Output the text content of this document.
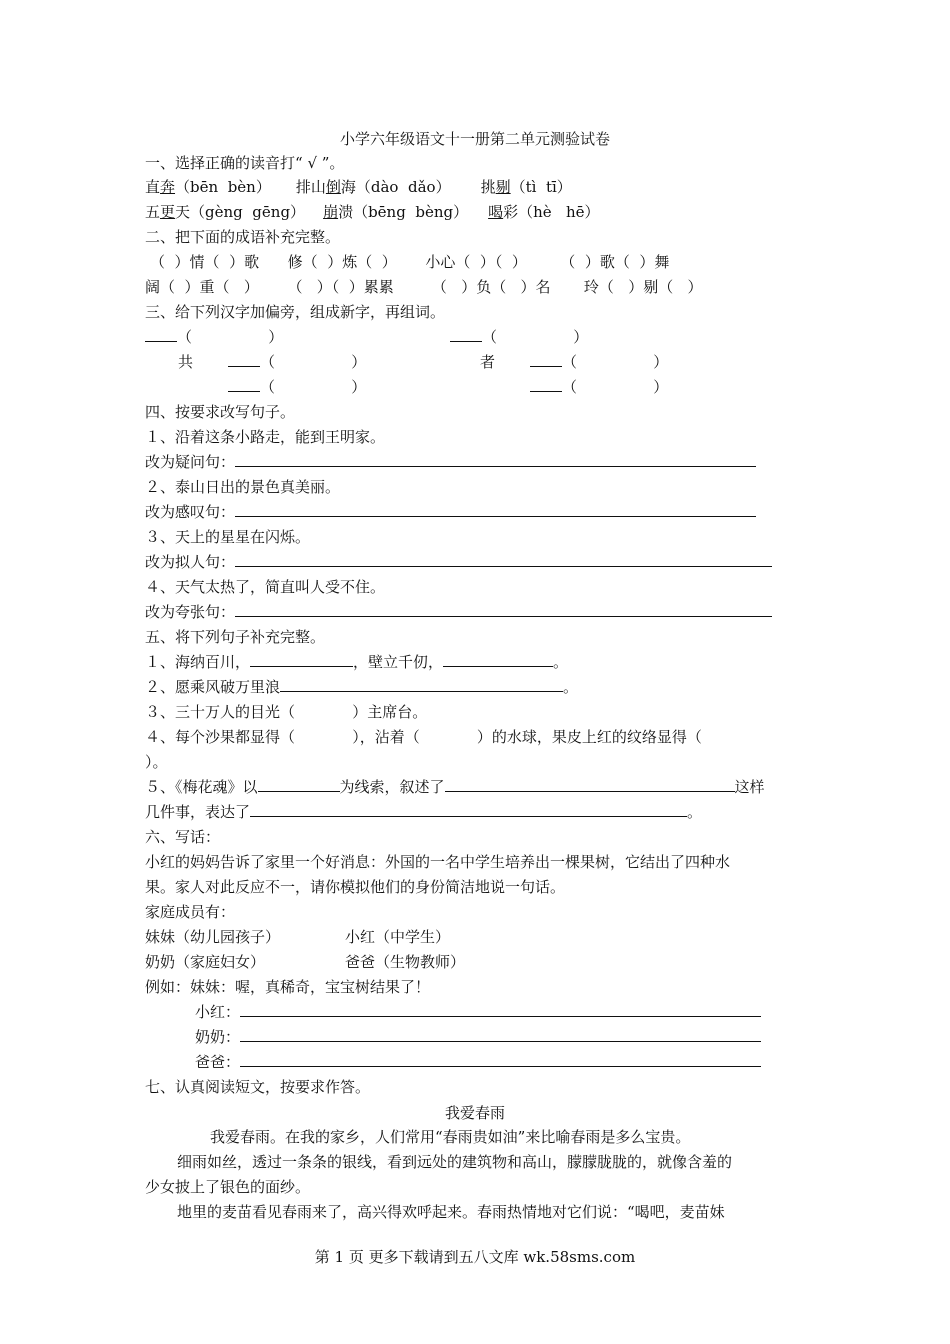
小学六年级语文十一册第二单元测验试卷
一、选择正确的读音打“ √ ”。
直奔（bēn  bèn） 排山倒海（dào  dǎo） 挑剔（tì  tī）
五更天（gèng  gēng） 崩溃（bēng  bèng） 喝彩（hè   hē）
二、把下面的成语补充完整。
（  ）情（  ）歌      修（  ）炼（  ）      小心（  ）（  ）       （  ）歌（  ）舞
阔（  ）重（   ）      （   ）（  ）累累        （   ）负（   ）名       玲（   ）剔（   ）
三、给下列汉字加偏旁，组成新字，再组词。
（                ）	（                ）
共	（                ）	者	（                ）
（                ）	（                ）
四、按要求改写句子。
１、沿着这条小路走，能到王明家。
改为疑问句：
２、泰山日出的景色真美丽。
改为感叹句：
３、天上的星星在闪烁。
改为拟人句：
４、天气太热了，简直叫人受不住。
改为夸张句：
五、将下列句子补充完整。
１、海纳百川，	，壁立千仞，	。
２、愿乘风破万里浪	。
３、三十万人的目光（            ）主席台。
４、每个沙果都显得（            ），沾着（            ）的水球，果皮上红的纹络显得（
）。
５、《梅花魂》以	为线索，叙述了	这样
几件事，表达了	。
六、写话：
小红的妈妈告诉了家里一个好消息：外国的一名中学生培养出一棵果树，它结出了四种水
果。家人对此反应不一，请你模拟他们的身份简洁地说一句话。
家庭成员有：
妹妹（幼儿园孩子）	小红（中学生）
奶奶（家庭妇女）	爸爸（生物教师）
例如：妹妹：喔，真稀奇，宝宝树结果了！
小红：
奶奶：
爸爸：
七、认真阅读短文，按要求作答。
我爱春雨
我爱春雨。在我的家乡，人们常用“春雨贵如油”来比喻春雨是多么宝贵。
细雨如丝，透过一条条的银线，看到远处的建筑物和高山，朦朦胧胧的，就像含羞的
少女披上了银色的面纱。
地里的麦苗看见春雨来了，高兴得欢呼起来。春雨热情地对它们说：“喝吧，麦苗妹
第 1 页 更多下载请到五八文库 wk.58sms.com
